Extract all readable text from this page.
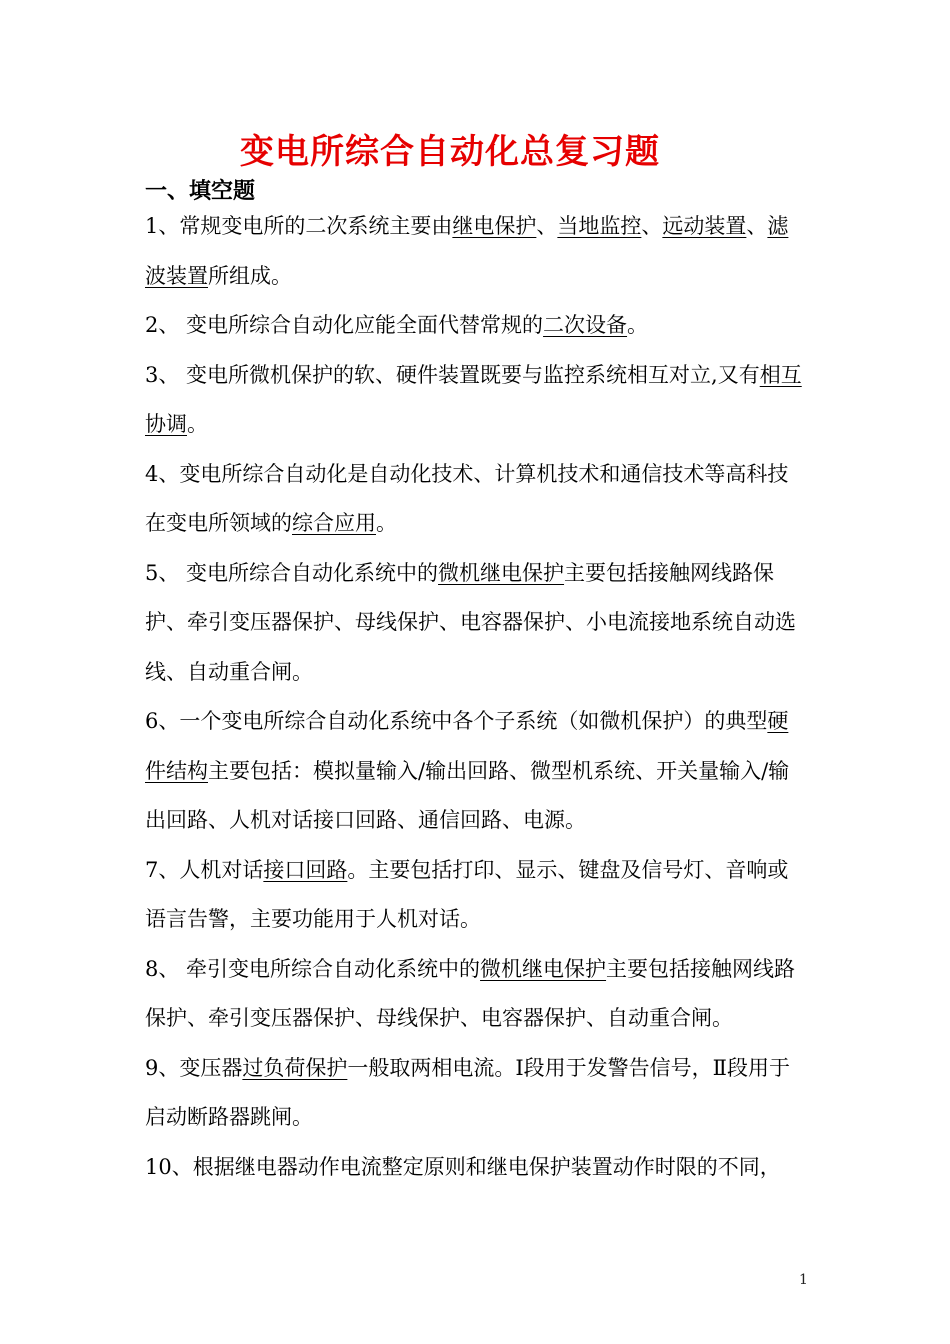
变电所综合自动化总复习题
一、填空题

1、常规变电所的二次系统主要由继电保护、当地监控、远动装置、滤波装置所组成。

2、 变电所综合自动化应能全面代替常规的二次设备。

3、 变电所微机保护的软、硬件装置既要与监控系统相互对立,又有相互协调。

4、变电所综合自动化是自动化技术、计算机技术和通信技术等高科技在变电所领域的综合应用。

5、 变电所综合自动化系统中的微机继电保护主要包括接触网线路保护、牵引变压器保护、母线保护、电容器保护、小电流接地系统自动选线、自动重合闸。

6、一个变电所综合自动化系统中各个子系统（如微机保护）的典型硬件结构主要包括：模拟量输入/输出回路、微型机系统、开关量输入/输出回路、人机对话接口回路、通信回路、电源。

7、人机对话接口回路。主要包括打印、显示、键盘及信号灯、音响或语言告警，主要功能用于人机对话。

8、 牵引变电所综合自动化系统中的微机继电保护主要包括接触网线路保护、牵引变压器保护、母线保护、电容器保护、自动重合闸。

9、变压器过负荷保护一般取两相电流。Ⅰ段用于发警告信号，Ⅱ段用于启动断路器跳闸。

10、根据继电器动作电流整定原则和继电保护装置动作时限的不同，

1
